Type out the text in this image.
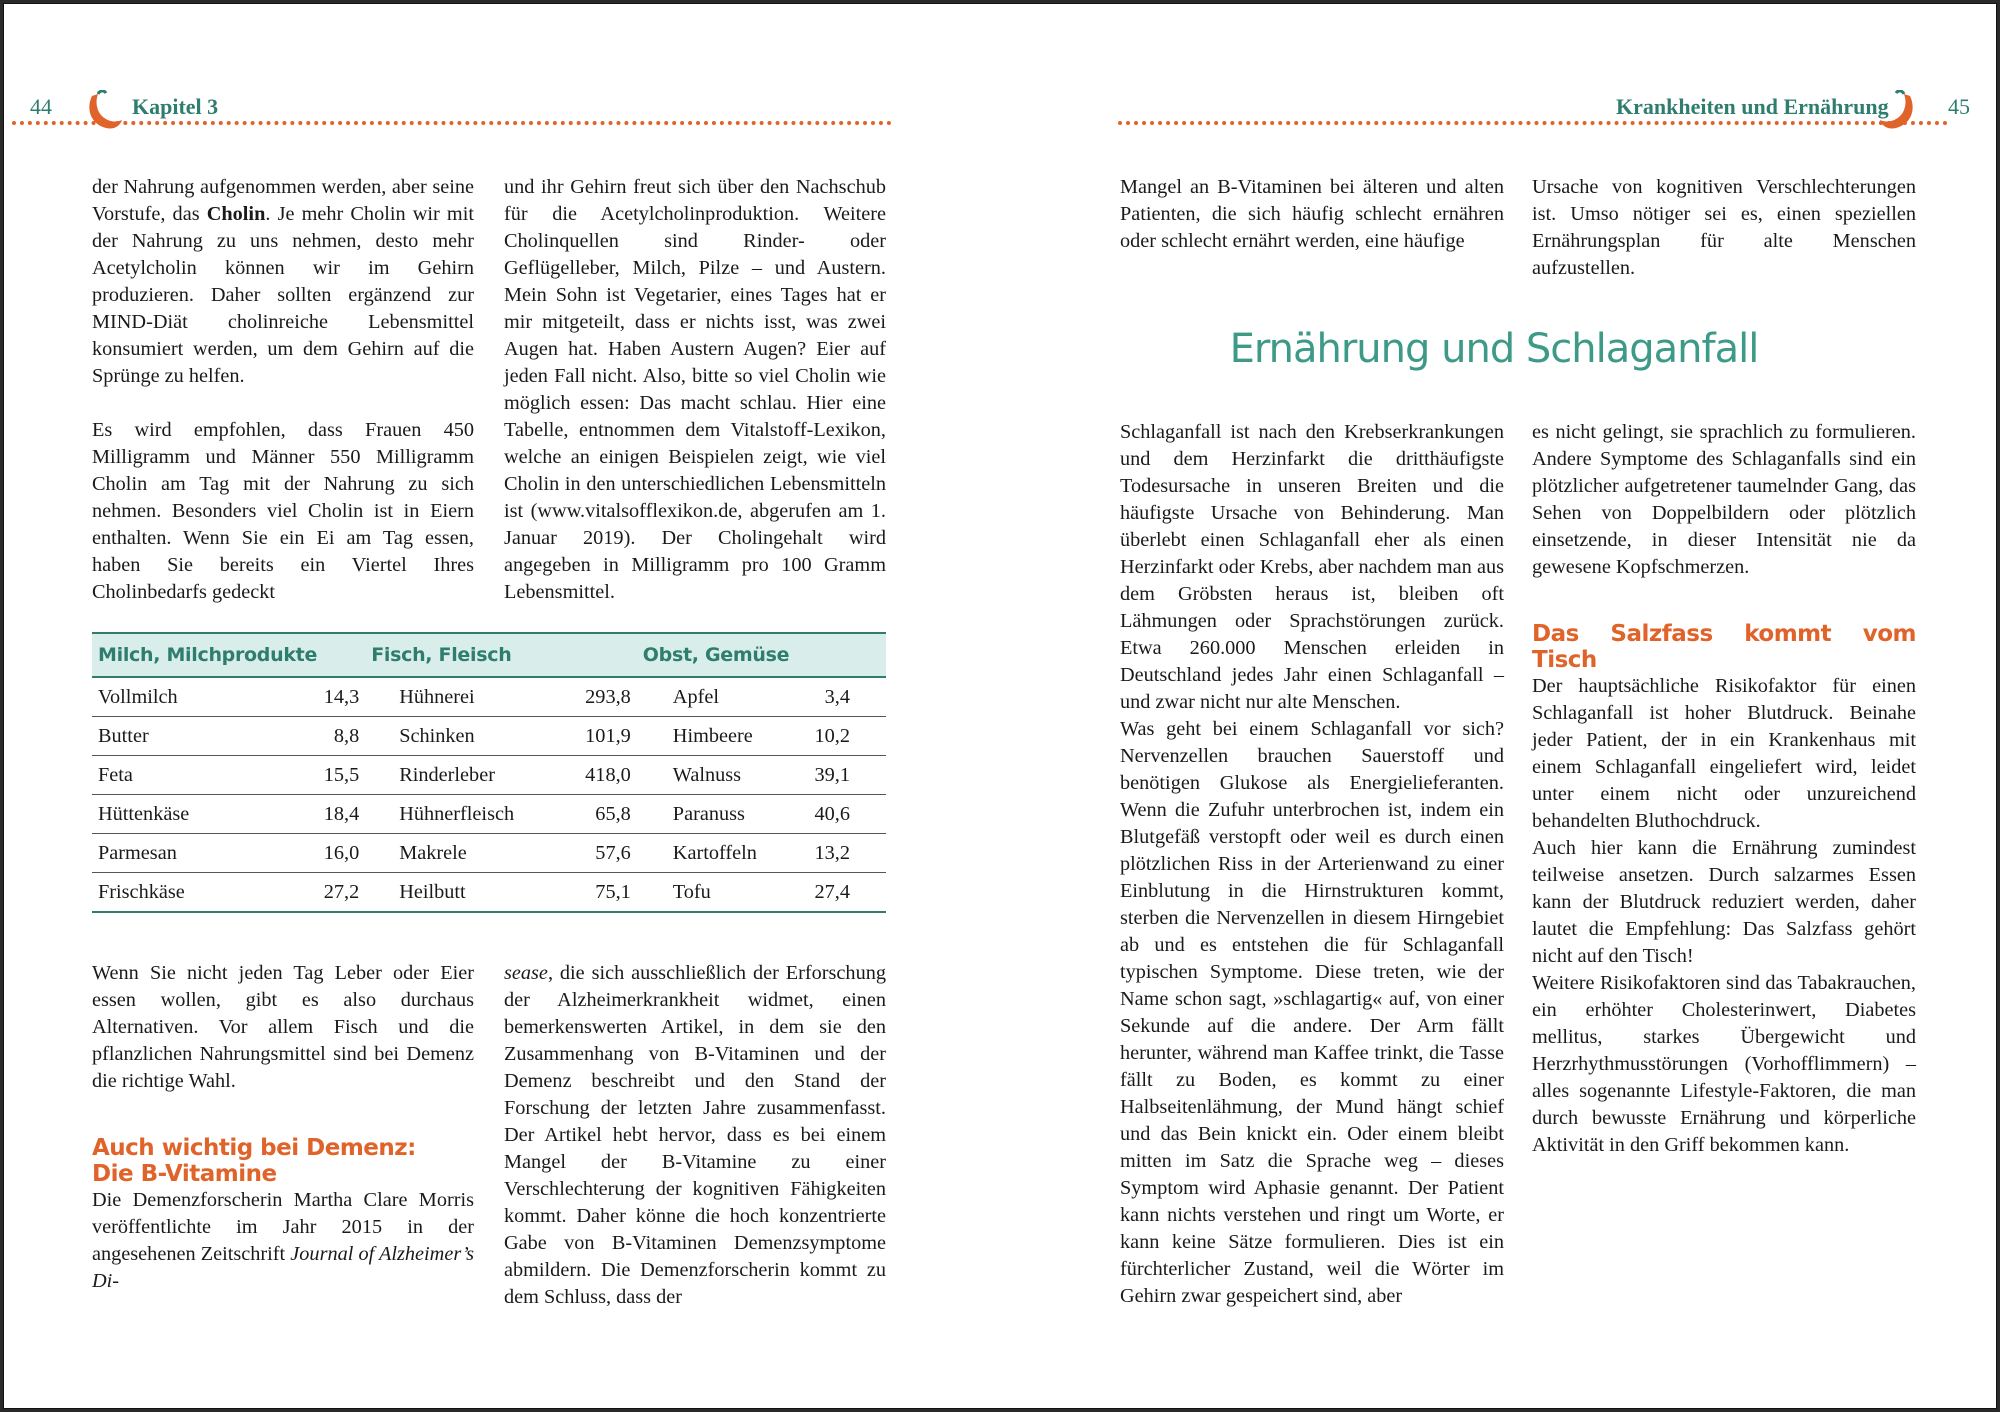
44	Kapitel 3	Krankheiten und Ernährung	45

der Nahrung aufgenommen werden, aber seine Vorstufe, das Cholin. Je mehr Cholin wir mit der Nahrung zu uns nehmen, desto mehr Acetylcholin können wir im Gehirn produzieren. Daher sollten ergänzend zur MIND-Diät cholinreiche Lebensmittel konsumiert werden, um dem Gehirn auf die Sprünge zu helfen.

Es wird empfohlen, dass Frauen 450 Milligramm und Männer 550 Milligramm Cholin am Tag mit der Nahrung zu sich nehmen. Besonders viel Cholin ist in Eiern enthalten. Wenn Sie ein Ei am Tag essen, haben Sie bereits ein Viertel Ihres Cholinbedarfs gedeckt

und ihr Gehirn freut sich über den Nachschub für die Acetylcholinproduktion. Weitere Cholinquellen sind Rinder- oder Geflügelleber, Milch, Pilze – und Austern. Mein Sohn ist Vegetarier, eines Tages hat er mir mitgeteilt, dass er nichts isst, was zwei Augen hat. Haben Austern Augen? Eier auf jeden Fall nicht. Also, bitte so viel Cholin wie möglich essen: Das macht schlau. Hier eine Tabelle, entnommen dem Vitalstoff-Lexikon, welche an einigen Beispielen zeigt, wie viel Cholin in den unterschiedlichen Lebensmitteln ist (www.vitalsofflexikon.de, abgerufen am 1. Januar 2019). Der Cholingehalt wird angegeben in Milligramm pro 100 Gramm Lebensmittel.

Milch, Milchprodukte		Fisch, Fleisch		Obst, Gemüse	
Vollmilch	14,3	Hühnerei	293,8	Apfel	3,4
Butter	8,8	Schinken	101,9	Himbeere	10,2
Feta	15,5	Rinderleber	418,0	Walnuss	39,1
Hüttenkäse	18,4	Hühnerfleisch	65,8	Paranuss	40,6
Parmesan	16,0	Makrele	57,6	Kartoffeln	13,2
Frischkäse	27,2	Heilbutt	75,1	Tofu	27,4

Wenn Sie nicht jeden Tag Leber oder Eier essen wollen, gibt es also durchaus Alternativen. Vor allem Fisch und die pflanzlichen Nahrungsmittel sind bei Demenz die richtige Wahl.

Auch wichtig bei Demenz:
Die B-Vitamine

Die Demenzforscherin Martha Clare Morris veröffentlichte im Jahr 2015 in der angesehenen Zeitschrift Journal of Alzheimer’s Di-

sease, die sich ausschließlich der Erforschung der Alzheimerkrankheit widmet, einen bemerkenswerten Artikel, in dem sie den Zusammenhang von B-Vitaminen und der Demenz beschreibt und den Stand der Forschung der letzten Jahre zusammenfasst. Der Artikel hebt hervor, dass es bei einem Mangel der B-Vitamine zu einer Verschlechterung der kognitiven Fähigkeiten kommt. Daher könne die hoch konzentrierte Gabe von B-Vitaminen Demenzsymptome abmildern. Die Demenzforscherin kommt zu dem Schluss, dass der

Mangel an B-Vitaminen bei älteren und alten Patienten, die sich häufig schlecht ernähren oder schlecht ernährt werden, eine häufige

Ursache von kognitiven Verschlechterungen ist. Umso nötiger sei es, einen speziellen Ernährungsplan für alte Menschen aufzustellen.

Ernährung und Schlaganfall

Schlaganfall ist nach den Krebserkrankungen und dem Herzinfarkt die dritthäufigste Todesursache in unseren Breiten und die häufigste Ursache von Behinderung. Man überlebt einen Schlaganfall eher als einen Herzinfarkt oder Krebs, aber nachdem man aus dem Gröbsten heraus ist, bleiben oft Lähmungen oder Sprachstörungen zurück. Etwa 260.000 Menschen erleiden in Deutschland jedes Jahr einen Schlaganfall – und zwar nicht nur alte Menschen.

Was geht bei einem Schlaganfall vor sich? Nervenzellen brauchen Sauerstoff und benötigen Glukose als Energielieferanten. Wenn die Zufuhr unterbrochen ist, indem ein Blutgefäß verstopft oder weil es durch einen plötzlichen Riss in der Arterienwand zu einer Einblutung in die Hirnstrukturen kommt, sterben die Nervenzellen in diesem Hirngebiet ab und es entstehen die für Schlaganfall typischen Symptome. Diese treten, wie der Name schon sagt, »schlagartig« auf, von einer Sekunde auf die andere. Der Arm fällt herunter, während man Kaffee trinkt, die Tasse fällt zu Boden, es kommt zu einer Halbseitenlähmung, der Mund hängt schief und das Bein knickt ein. Oder einem bleibt mitten im Satz die Sprache weg – dieses Symptom wird Aphasie genannt. Der Patient kann nichts verstehen und ringt um Worte, er kann keine Sätze formulieren. Dies ist ein fürchterlicher Zustand, weil die Wörter im Gehirn zwar gespeichert sind, aber

es nicht gelingt, sie sprachlich zu formulieren. Andere Symptome des Schlaganfalls sind ein plötzlicher aufgetretener taumelnder Gang, das Sehen von Doppelbildern oder plötzlich einsetzende, in dieser Intensität nie da gewesene Kopfschmerzen.

Das Salzfass kommt vom Tisch

Der hauptsächliche Risikofaktor für einen Schlaganfall ist hoher Blutdruck. Beinahe jeder Patient, der in ein Krankenhaus mit einem Schlaganfall eingeliefert wird, leidet unter einem nicht oder unzureichend behandelten Bluthochdruck.

Auch hier kann die Ernährung zumindest teilweise ansetzen. Durch salzarmes Essen kann der Blutdruck reduziert werden, daher lautet die Empfehlung: Das Salzfass gehört nicht auf den Tisch!

Weitere Risikofaktoren sind das Tabakrauchen, ein erhöhter Cholesterinwert, Diabetes mellitus, starkes Übergewicht und Herzrhythmusstörungen (Vorhofflimmern) – alles sogenannte Lifestyle-Faktoren, die man durch bewusste Ernährung und körperliche Aktivität in den Griff bekommen kann.
